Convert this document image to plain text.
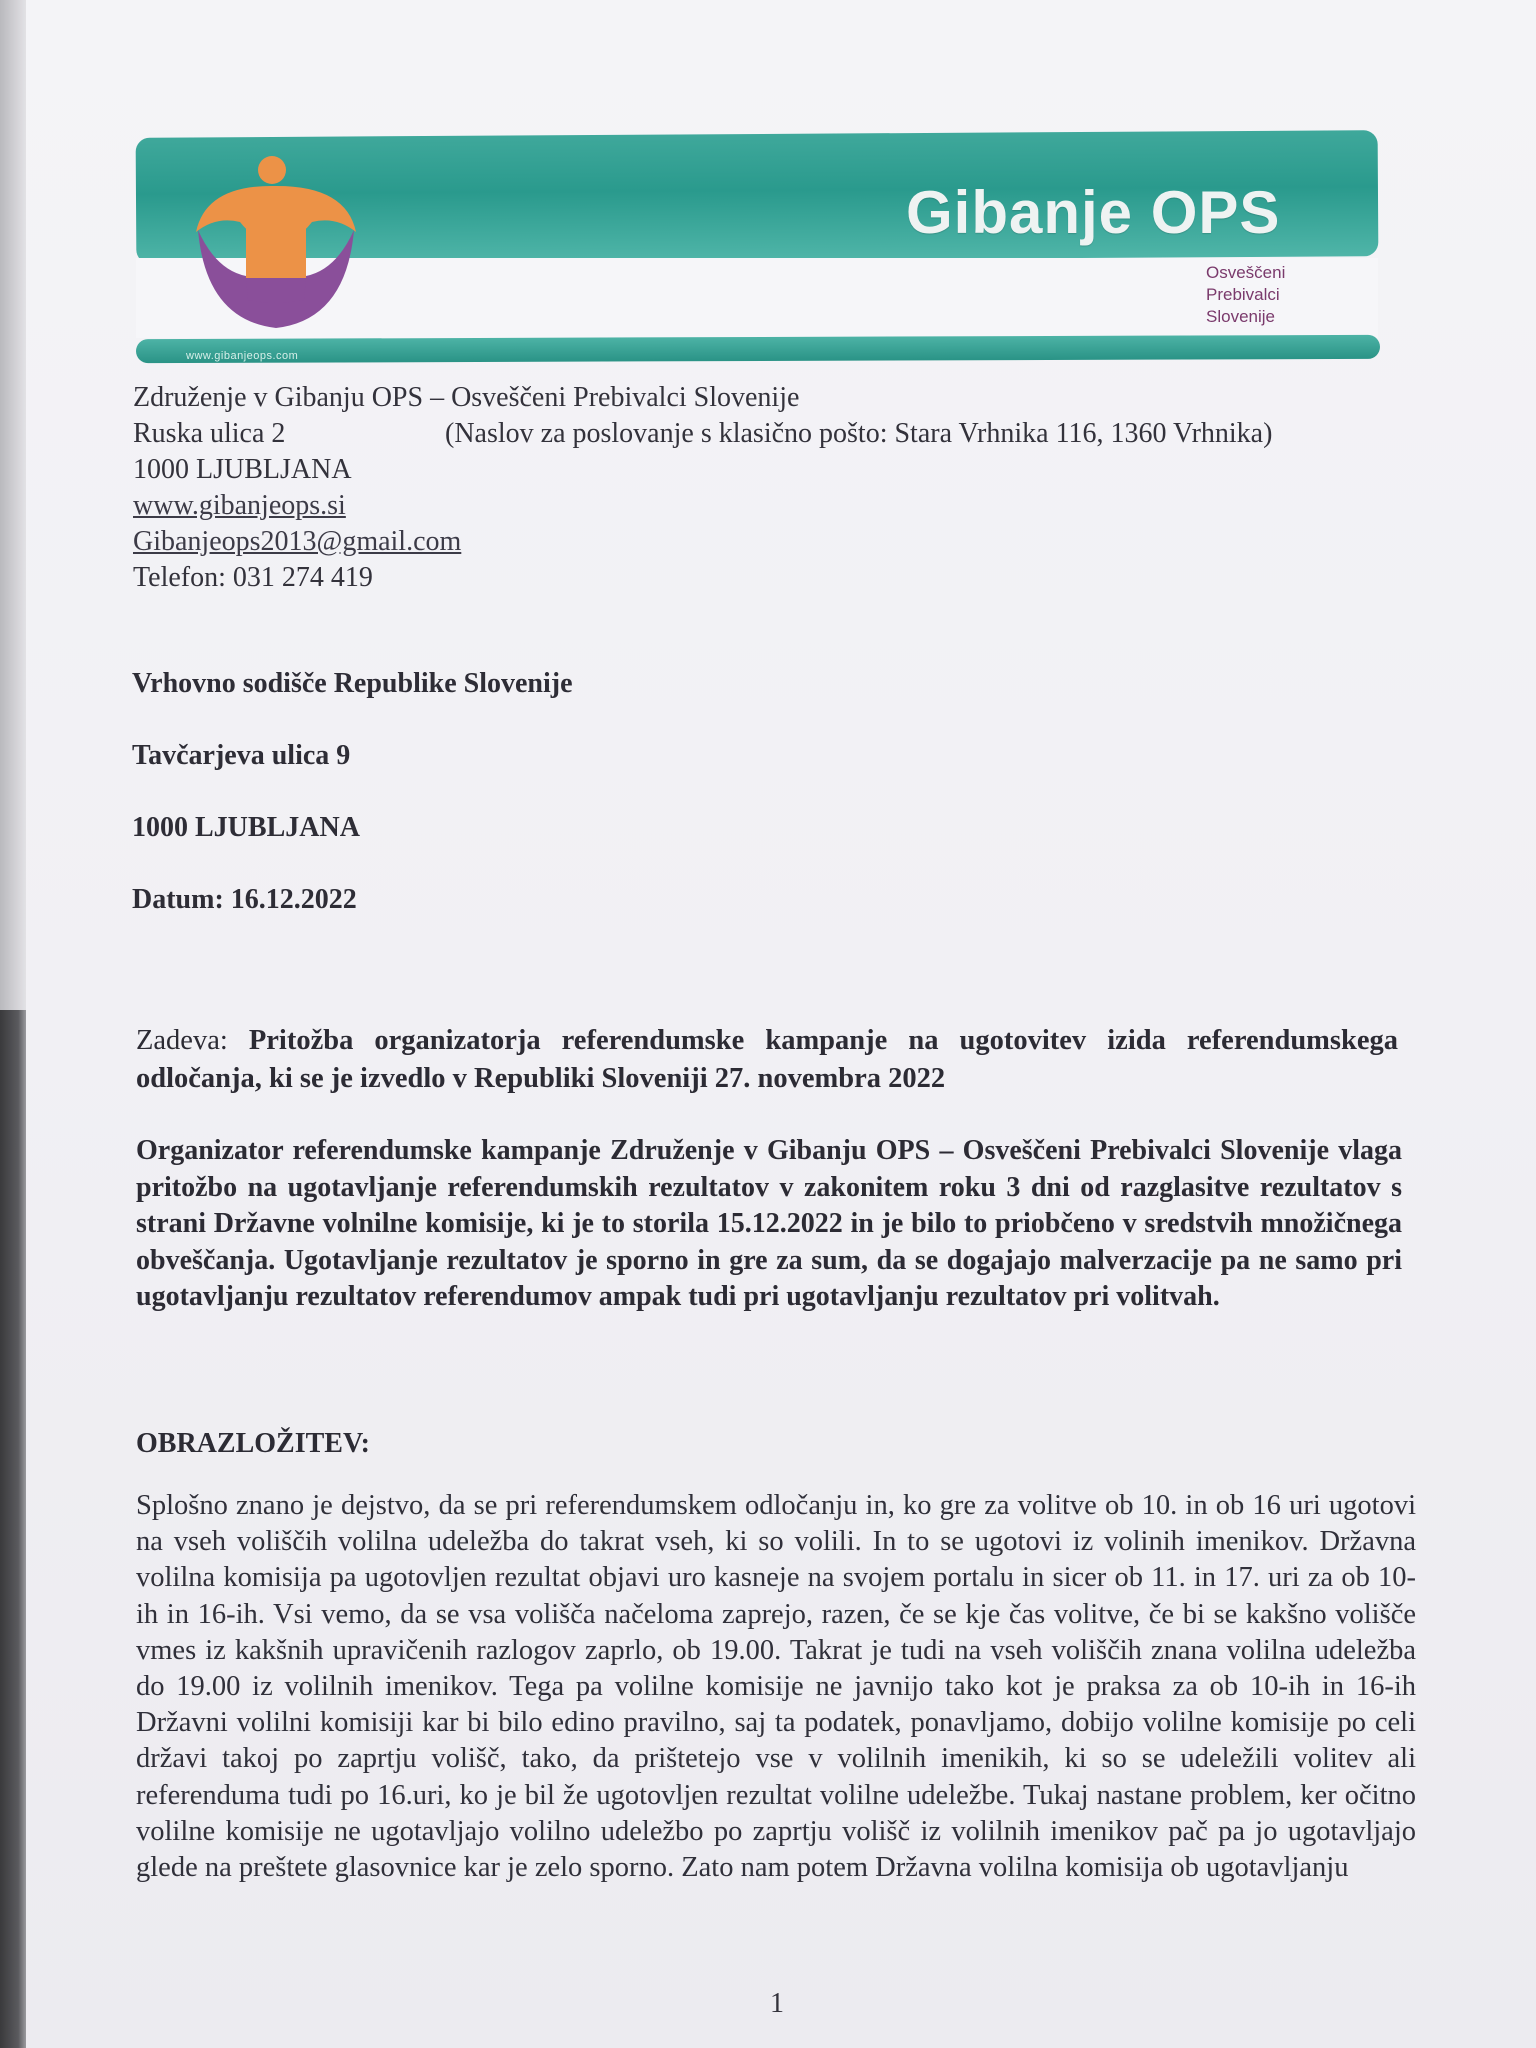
www.gibanjeops.com
Gibanje OPS
Osveščeni
Prebivalci
Slovenije
Združenje v Gibanju OPS – Osveščeni Prebivalci Slovenije
Ruska ulica 2	(Naslov za poslovanje s klasično pošto: Stara Vrhnika 116, 1360 Vrhnika)
1000 LJUBLJANA
www.gibanjeops.si
Gibanjeops2013@gmail.com
Telefon: 031 274 419
Vrhovno sodišče Republike Slovenije
Tavčarjeva ulica 9
1000 LJUBLJANA
Datum: 16.12.2022
Zadeva: Pritožba organizatorja referendumske kampanje na ugotovitev izida referendumskega odločanja, ki se je izvedlo v Republiki Sloveniji 27. novembra 2022
Organizator referendumske kampanje Združenje v Gibanju OPS – Osveščeni Prebivalci Slovenije vlaga pritožbo na ugotavljanje referendumskih rezultatov v zakonitem roku 3 dni od razglasitve rezultatov s strani Državne volnilne komisije, ki je to storila 15.12.2022 in je bilo to priobčeno v sredstvih množičnega obveščanja. Ugotavljanje rezultatov je sporno in gre za sum, da se dogajajo malverzacije pa ne samo pri ugotavljanju rezultatov referendumov ampak tudi pri ugotavljanju rezultatov pri volitvah.
OBRAZLOŽITEV:
Splošno znano je dejstvo, da se pri referendumskem odločanju in, ko gre za volitve ob 10. in ob 16 uri ugotovi na vseh voliščih volilna udeležba do takrat vseh, ki so volili. In to se ugotovi iz volinih imenikov. Državna volilna komisija pa ugotovljen rezultat objavi uro kasneje na svojem portalu in sicer ob 11. in 17. uri za ob 10-ih in 16-ih. Vsi vemo, da se vsa volišča načeloma zaprejo, razen, če se kje čas volitve, če bi se kakšno volišče vmes iz kakšnih upravičenih razlogov zaprlo, ob 19.00. Takrat je tudi na vseh voliščih znana volilna udeležba do 19.00 iz volilnih imenikov. Tega pa volilne komisije ne javnijo tako kot je praksa za ob 10-ih in 16-ih Državni volilni komisiji kar bi bilo edino pravilno, saj ta podatek, ponavljamo, dobijo volilne komisije po celi državi takoj po zaprtju volišč, tako, da prištetejo vse v volilnih imenikih, ki so se udeležili volitev ali referenduma tudi po 16.uri, ko je bil že ugotovljen rezultat volilne udeležbe. Tukaj nastane problem, ker očitno volilne komisije ne ugotavljajo volilno udeležbo po zaprtju volišč iz volilnih imenikov pač pa jo ugotavljajo glede na preštete glasovnice kar je zelo sporno. Zato nam potem Državna volilna komisija ob ugotavljanju
1
